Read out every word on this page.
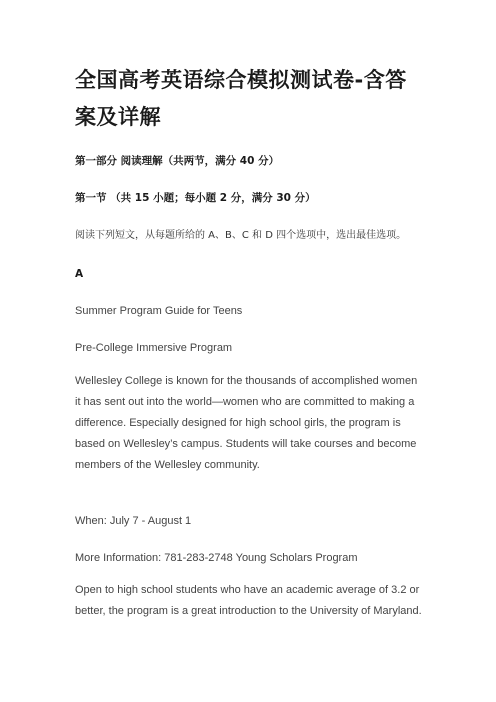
全国高考英语综合模拟测试卷-含答案及详解
第一部分 阅读理解（共两节，满分 40 分）
第一节 （共 15 小题；每小题 2 分，满分 30 分）
阅读下列短文，从每题所给的 A、B、C 和 D 四个选项中，选出最佳选项。
A
Summer Program Guide for Teens
Pre-College Immersive Program
Wellesley College is known for the thousands of accomplished women it has sent out into the world—women who are committed to making a difference. Especially designed for high school girls, the program is based on Wellesley’s campus. Students will take courses and become members of the Wellesley community.
When: July 7 - August 1
More Information: 781-283-2748 Young Scholars Program
Open to high school students who have an academic average of 3.2 or better, the program is a great introduction to the University of Maryland.
